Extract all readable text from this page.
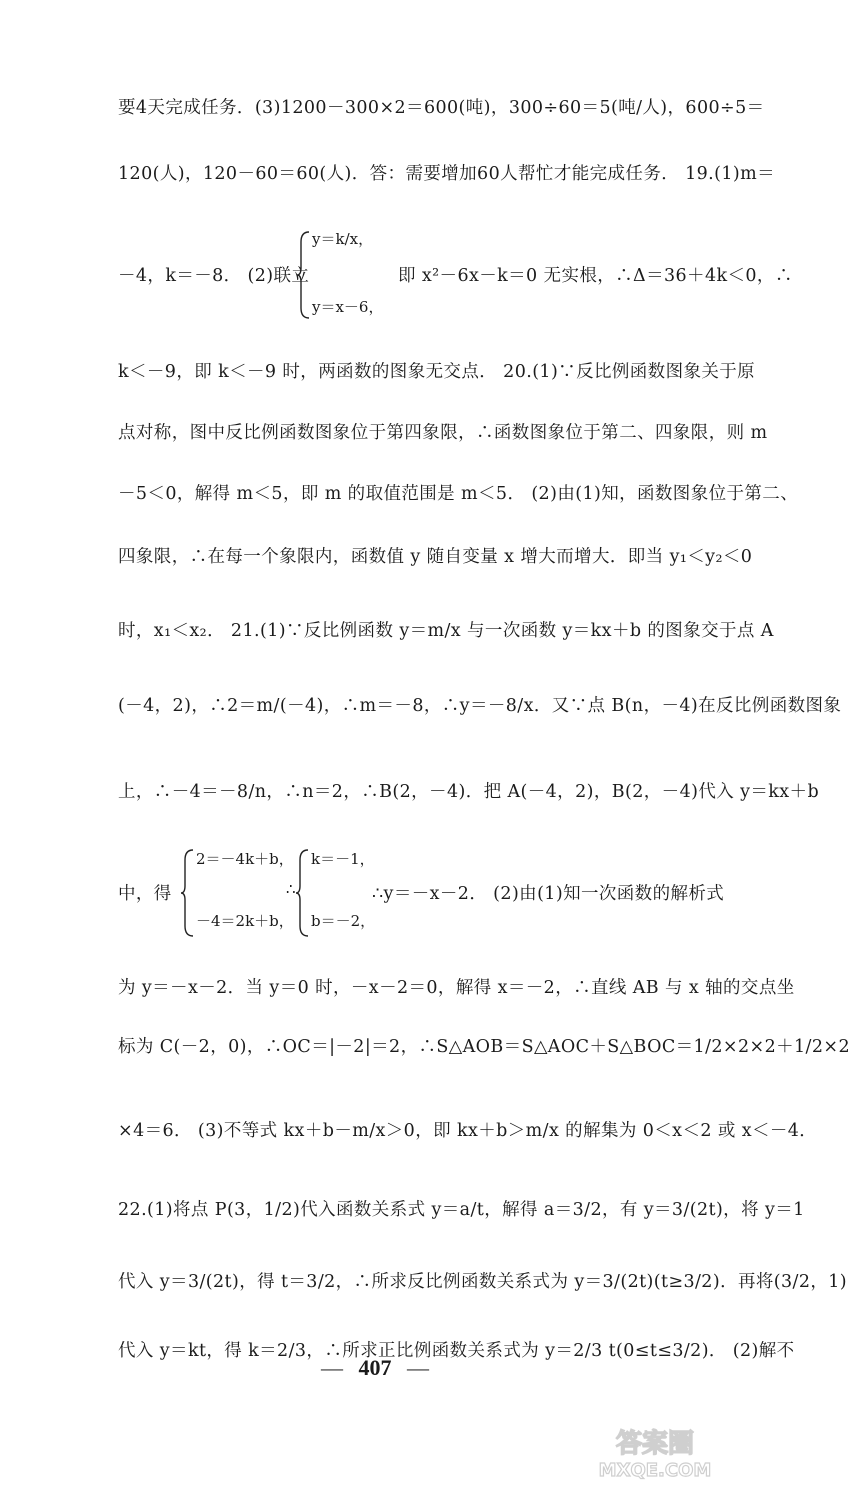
要4天完成任务．(3)1200－300×2＝600(吨)，300÷60＝5(吨/人)，600÷5＝
120(人)，120－60＝60(人)．答：需要增加60人帮忙才能完成任务． 19.(1)m＝
－4，k＝－8． (2)联立
y＝k/x，
y＝x－6，
即 x²－6x－k＝0 无实根，∴Δ＝36＋4k＜0，∴
k＜－9，即 k＜－9 时，两函数的图象无交点． 20.(1)∵反比例函数图象关于原
点对称，图中反比例函数图象位于第四象限，∴函数图象位于第二、四象限，则 m
－5＜0，解得 m＜5，即 m 的取值范围是 m＜5． (2)由(1)知，函数图象位于第二、
四象限，∴在每一个象限内，函数值 y 随自变量 x 增大而增大．即当 y₁＜y₂＜0
时，x₁＜x₂． 21.(1)∵反比例函数 y＝m/x 与一次函数 y＝kx＋b 的图象交于点 A
(－4，2)，∴2＝m/(－4)，∴m＝－8，∴y＝－8/x．又∵点 B(n，－4)在反比例函数图象
上，∴－4＝－8/n，∴n＝2，∴B(2，－4)．把 A(－4，2)，B(2，－4)代入 y＝kx＋b
中，得
2＝－4k＋b，
－4＝2k＋b，
∴
k＝－1，
b＝－2，
∴y＝－x－2． (2)由(1)知一次函数的解析式
为 y＝－x－2．当 y＝0 时，－x－2＝0，解得 x＝－2，∴直线 AB 与 x 轴的交点坐
标为 C(－2，0)，∴OC＝|－2|＝2，∴S△AOB＝S△AOC＋S△BOC＝1/2×2×2＋1/2×2
×4＝6． (3)不等式 kx＋b－m/x＞0，即 kx＋b＞m/x 的解集为 0＜x＜2 或 x＜－4．
22.(1)将点 P(3，1/2)代入函数关系式 y＝a/t，解得 a＝3/2，有 y＝3/(2t)，将 y＝1
代入 y＝3/(2t)，得 t＝3/2，∴所求反比例函数关系式为 y＝3/(2t)(t≥3/2)．再将(3/2，1)
代入 y＝kt，得 k＝2/3，∴所求正比例函数关系式为 y＝2/3 t(0≤t≤3/2)． (2)解不
— 407 —
答案圈
MXQE.COM
